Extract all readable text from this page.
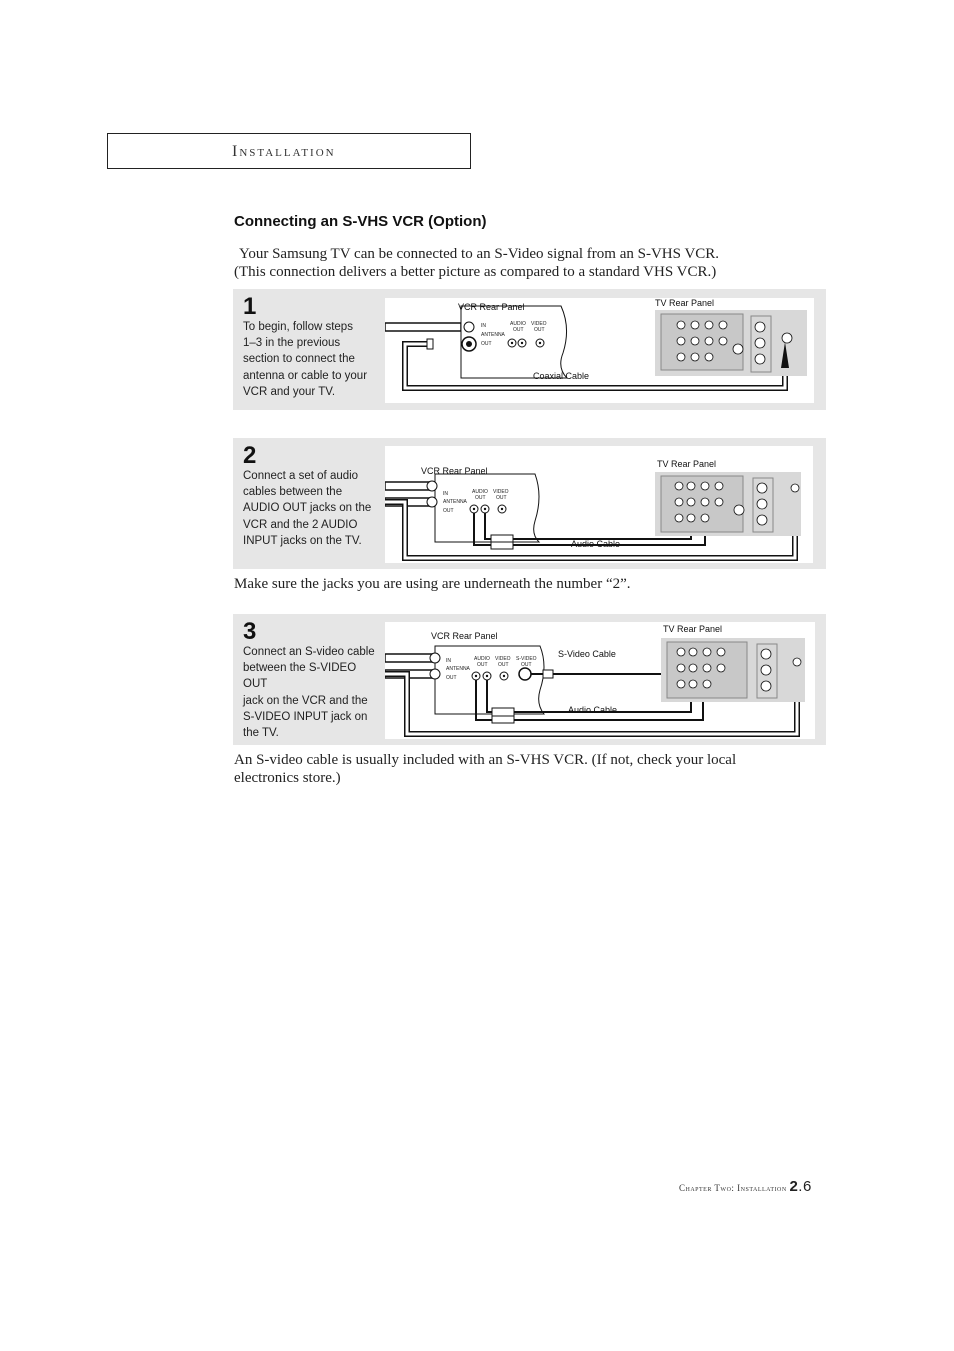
Installation
Connecting an S-VHS VCR (Option)
Your Samsung TV can be connected to an S-Video signal from an S-VHS VCR.
(This connection delivers a better picture as compared to a standard VHS VCR.)
1
To begin, follow steps
1–3 in the previous
section to connect the
antenna or cable to your
VCR and your TV.
VCR Rear Panel
IN
ANTENNA
OUT
AUDIO
OUT
VIDEO
OUT
Coaxial Cable
TV Rear Panel
2
Connect a set of audio
cables between the
AUDIO OUT jacks on the
VCR and the 2 AUDIO
INPUT jacks on the TV.
VCR Rear Panel
IN
ANTENNA
OUT
AUDIO
OUT
VIDEO
OUT
Audio Cable
TV Rear Panel
Make sure the jacks you are using are underneath the number “2”.
3
Connect an S-video cable
between the S-VIDEO OUT
jack on the VCR and the
S-VIDEO INPUT jack on
the TV.
VCR Rear Panel
IN
ANTENNA
OUT
AUDIO
OUT
VIDEO
OUT
S-VIDEO
OUT
S-Video Cable
Audio Cable
TV Rear Panel
An S-video cable is usually included with an S-VHS VCR. (If not, check your local
electronics store.)
Chapter Two: Installation 2.6
